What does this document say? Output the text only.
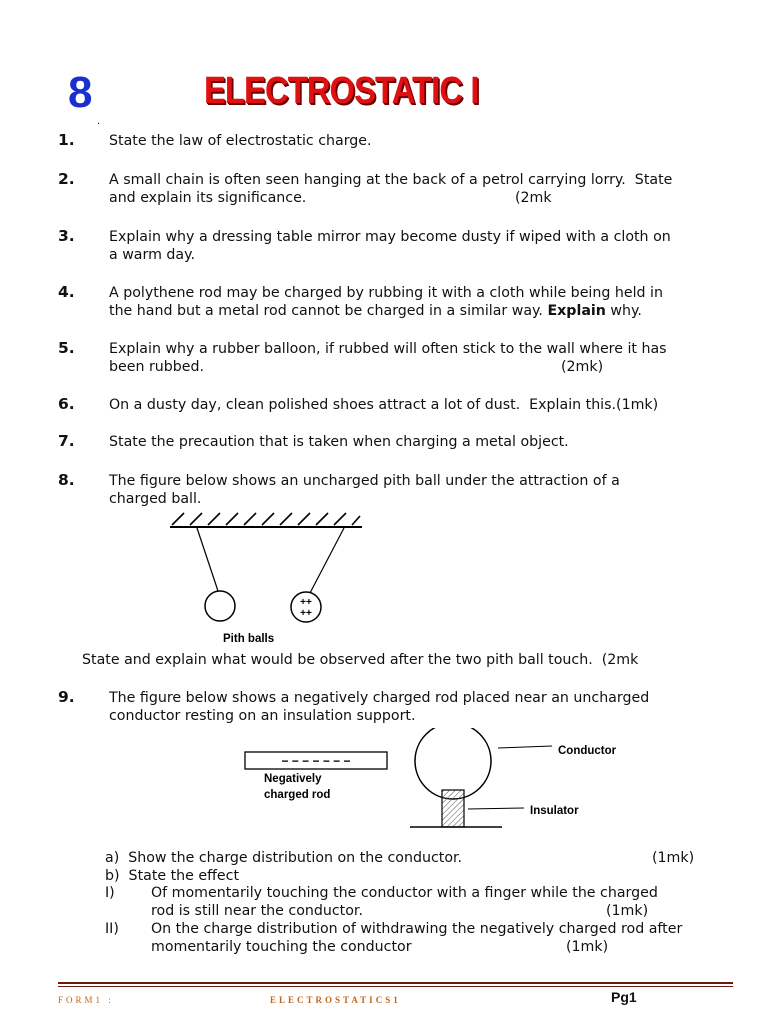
8	ELECTROSTATIC I
.
1. State the law of electrostatic charge.
2. A small chain is often seen hanging at the back of a petrol carrying lorry.  State
and explain its significance.	(2mk
3. Explain why a dressing table mirror may become dusty if wiped with a cloth on
a warm day.
4. A polythene rod may be charged by rubbing it with a cloth while being held in
the hand but a metal rod cannot be charged in a similar way. Explain why.
5. Explain why a rubber balloon, if rubbed will often stick to the wall where it has
been rubbed.	(2mk)
6. On a dusty day, clean polished shoes attract a lot of dust.  Explain this.(1mk)
7. State the precaution that is taken when charging a metal object.
8. The figure below shows an uncharged pith ball under the attraction of a
charged ball.
++
++
Pith balls
State and explain what would be observed after the two pith ball touch.  (2mk
9. The figure below shows a negatively charged rod placed near an uncharged
conductor resting on an insulation support.
− − − − − − −
Negatively
charged rod
Conductor
Insulator
a)  Show the charge distribution on the conductor.	(1mk)
b)  State the effect
I)	Of momentarily touching the conductor with a finger while the charged
rod is still near the conductor.	(1mk)
II) On the charge distribution of withdrawing the negatively charged rod after
momentarily touching the conductor	(1mk)
FORM1 :	ELECTROSTATICS1	Pg1
